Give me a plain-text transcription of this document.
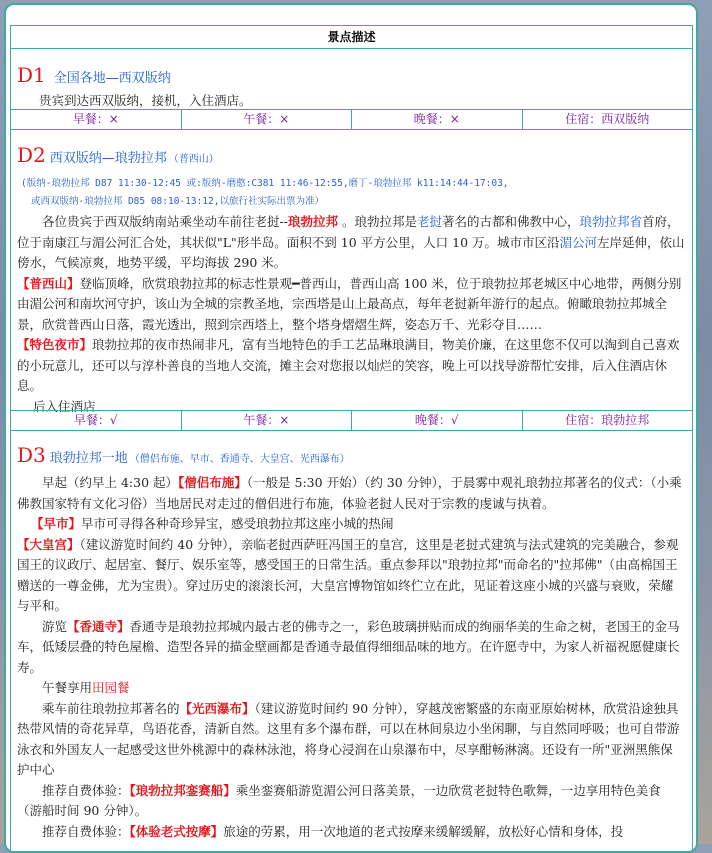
景点描述
D1 全国各地—西双版纳
贵宾到达西双版纳，接机，入住酒店。
早餐：×	午餐：×	晚餐：×	住宿：西双版纳
D2 西双版纳—琅勃拉邦 （普西山）
(版纳-琅勃拉邦 D87 11:30-12:45 或:版纳-磨憨:C381 11:46-12:55,磨丁-琅勃拉邦 k11:14:44-17:03,
或西双版纳-琅勃拉邦 D85 08:10-13:12,以旅行社实际出票为准）

各位贵宾于西双版纳南站乘坐动车前往老挝--琅勃拉邦 。琅勃拉邦是老挝著名的古都和佛教中心，琅勃拉邦省首府，位于南康江与湄公河汇合处，其状似"L"形半岛。面积不到 10 平方公里，人口 10 万。城市市区沿湄公河左岸延伸，依山傍水，气候凉爽，地势平缓，平均海拔 290 米。

【普西山】登临顶峰，欣赏琅勃拉邦的标志性景观━普西山，普西山高 100 米，位于琅勃拉邦老城区中心地带，两侧分别由湄公河和南坎河守护，该山为全城的宗教圣地，宗西塔是山上最高点，每年老挝新年游行的起点。俯瞰琅勃拉邦城全景，欣赏普西山日落，霞光透出，照到宗西塔上，整个塔身熠熠生辉，姿态万千、光彩夺目……

【特色夜市】琅勃拉邦的夜市热闹非凡，富有当地特色的手工艺品琳琅满目，物美价廉，在这里您不仅可以淘到自己喜欢的小玩意儿，还可以与淳朴善良的当地人交流，摊主会对您报以灿烂的笑容，晚上可以找导游帮忙安排，后入住酒店休息。

后入住酒店

早餐：√	午餐：×	晚餐：√	住宿：琅勃拉邦
D3 琅勃拉邦一地 （僧侣布施、早市、香通寺、大皇宫、光西瀑布）

早起（约早上 4:30 起）【僧侣布施】（一般是 5:30 开始）（约 30 分钟），于晨雾中观礼琅勃拉邦著名的仪式：（小乘佛教国家特有文化习俗）当地居民对走过的僧侣进行布施，体验老挝人民对于宗教的虔诚与执着。

【早市】早市可寻得各种奇珍异宝，感受琅勃拉邦这座小城的热闹

【大皇宫】（建议游览时间约 40 分钟），亲临老挝西萨旺冯国王的皇宫，这里是老挝式建筑与法式建筑的完美融合，参观国王的议政厅、起居室、餐厅、娱乐室等，感受国王的日常生活。重点参拜以"琅勃拉邦"而命名的"拉邦佛"（由高棉国王赠送的一尊金佛，尤为宝贵）。穿过历史的滚滚长河，大皇宫博物馆如终伫立在此，见证着这座小城的兴盛与衰败，荣耀与平和。

游览【香通寺】香通寺是琅勃拉邦城内最古老的佛寺之一，彩色玻璃拼贴而成的绚丽华美的生命之树，老国王的金马车，低矮层叠的特色屋檐、造型各异的描金壁画都是香通寺最值得细细品味的地方。在许愿寺中，为家人祈福祝愿健康长寿。

午餐享用田园餐

乘车前往琅勃拉邦著名的【光西瀑布】（建议游览时间约 90 分钟），穿越茂密繁盛的东南亚原始树林，欣赏沿途独具热带风情的奇花异草，鸟语花香，清新自然。这里有多个瀑布群，可以在林间泉边小坐闲聊，与自然同呼吸；也可自带游泳衣和外国友人一起感受这世外桃源中的森林泳池，将身心浸润在山泉瀑布中，尽享酣畅淋漓。还设有一所"亚洲黑熊保护中心

推荐自费体验：【琅勃拉邦銮赛船】乘坐銮赛船游览湄公河日落美景，一边欣赏老挝特色歌舞，一边享用特色美食（游船时间 90 分钟）。

推荐自费体验：【体验老式按摩】旅途的劳累，用一次地道的老式按摩来缓解缓解，放松好心情和身体，投
